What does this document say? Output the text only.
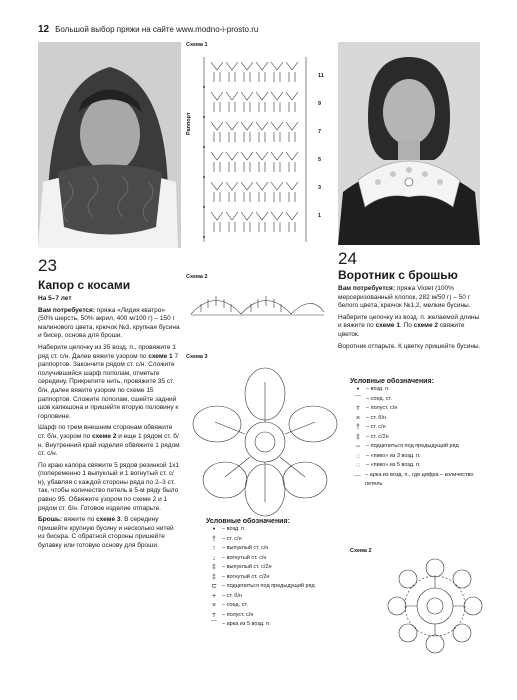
12 Большой выбор пряжи на сайте www.modno-i-prosto.ru
Схема 1
Раппорт
11
9
7
5
3
1
23
Капор с косами

На 5–7 лет

Вам потребуется: пряжа «Лидия кватро» (50% шерсть, 50% акрил, 400 м/100 г) – 150 г малинового цвета, крючок №3, крупная бусина и бисер, основа для броши.

Наберите цепочку из 35 возд. п., провяжите 1 ряд ст. с/н. Далее вяжите узором по схеме 1 7 раппортов. Закончите рядом ст. с/н. Сложите получившийся шарф пополам, отметьте середину. Прикрепите нить, провяжите 35 ст. б/н, далее вяжите узором по схеме 15 раппортов. Сложите пополам, сшейте задний шов капюшона и пришейте вторую половину к горловине.

Шарф по трем внешним сторонам обвяжите ст. б/н, узором по схеме 2 и еще 1 рядом ст. б/н. Внутренний край изделия обвяжите 1 рядом ст. с/н.

По краю капора свяжите 5 рядов резинкой 1х1 (попеременно 1 выпуклый и 1 вогнутый ст. с/н), убавляя с каждой стороны ряда по 2–3 ст. так, чтобы количество петель в 5-м ряду было равно 95. Обвяжите узором по схеме 2 и 1 рядом ст. б/н. Готовое изделие отпарьте.

Брошь: вяжите по схеме 3. В середину пришейте крупную бусину и несколько нитей из бисера. С обратной стороны пришейте булавку или готовую основу для броши.

Схема 2
Схема 3
Условные обозначения:
•	– возд. п.
†	– ст. с/н
↑	– выпуклый ст. с/н
↓	– вогнутый ст. с/н
‡	– выпуклый ст. с/2н
‡	– вогнутый ст. с/2н
⊂ – подцепиться под предыдущий ряд
+	– ст. б/н
×	– соед. ст.
т	– полуст. с/н
⌒ – арка из 5 возд. п.
24
Воротник с брошью

Вам потребуется: пряжа Violet (100% мерсеризованный хлопок, 282 м/50 г) – 50 г белого цвета, крючок №1,2, мелкие бусины.

Наберите цепочку из возд. п. желаемой длины и вяжите по схеме 1. По схеме 2 свяжите цветок.

Воротник отпарьте. К цветку пришейте бусины.

Условные обозначения:
•	– возд. п.
⌒ – соед. ст.
т	– полуст. с/н
×	– ст. б/н
†	– ст. с/н
‡	– ст. с/2н
⌣	– подцепиться под предыдущий ряд
◌	– «пико» из 3 возд. п.
◌	– «пико» из 5 возд. п.
⌒
– арка из возд. п., где цифра – количество петель
Схема 2
